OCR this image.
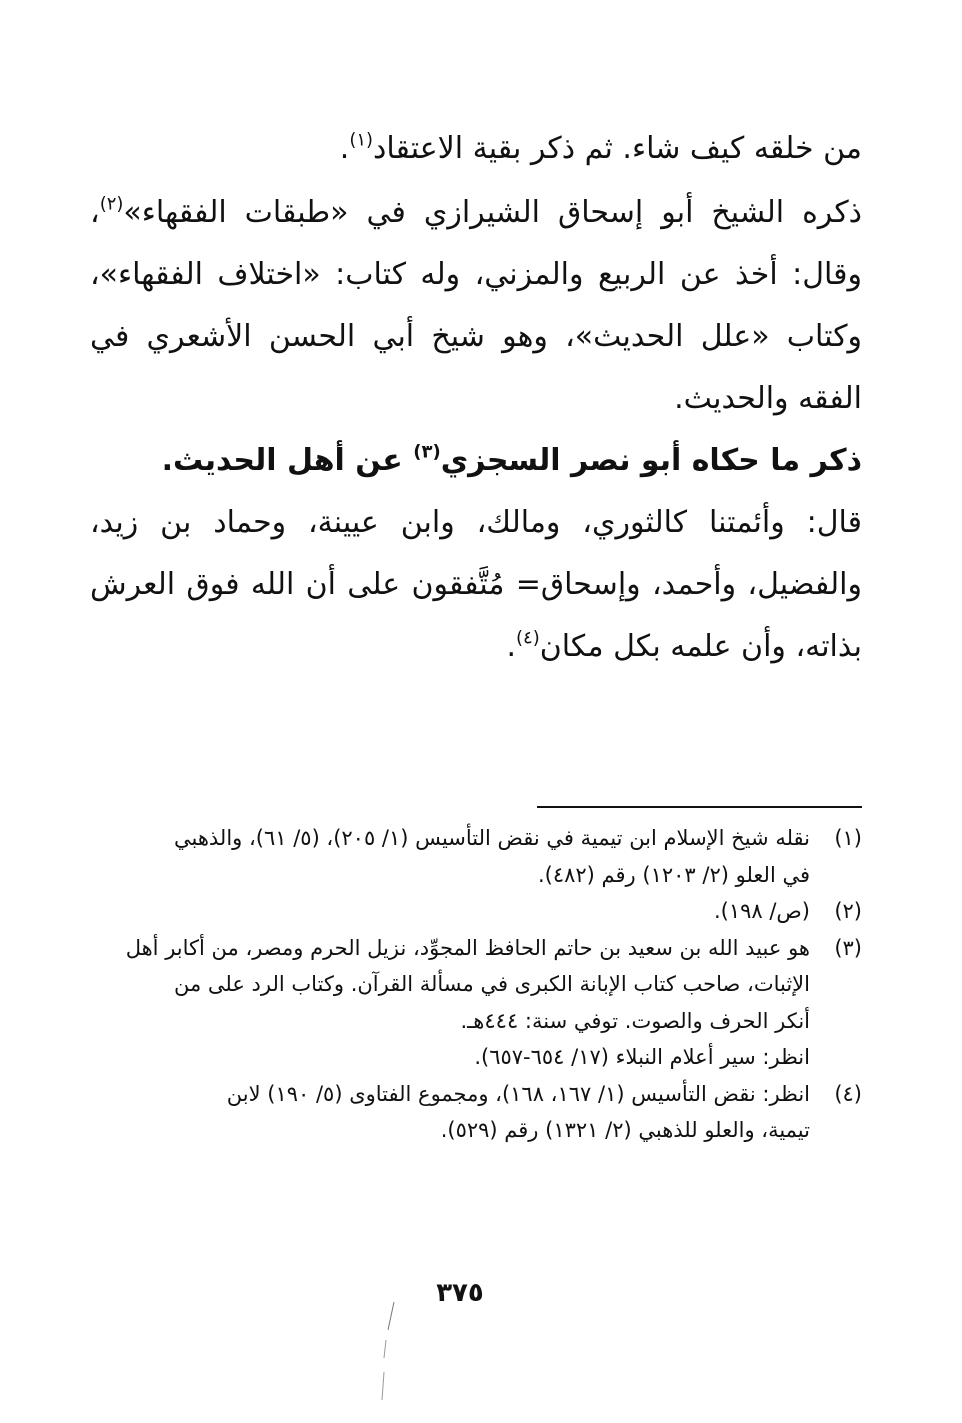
من خلقه كيف شاء. ثم ذكر بقية الاعتقاد$^{(١)}$.

ذكره الشيخ أبو إسحاق الشيرازي في «طبقات الفقهاء»$^{(٢)}$، وقال: أخذ عن الربيع والمزني، وله كتاب: «اختلاف الفقهاء»، وكتاب «علل الحديث»، وهو شيخ أبي الحسن الأشعري في الفقه والحديث.

ذكر ما حكاه أبو نصر السجزي$^{(٣)}$ عن أهل الحديث.

قال: وأئمتنا كالثوري، ومالك، وابن عيينة، وحماد بن زيد، والفضيل، وأحمد، وإسحاق= مُتَّفقون على أن الله فوق العرش بذاته، وأن علمه بكل مكان$^{(٤)}$.

(١)
نقله شيخ الإسلام ابن تيمية في نقض التأسيس (١/ ٢٠٥)، (٥/ ٦١)، والذهبي
في العلو (٢/ ١٢٠٣) رقم (٤٨٢).
(٢)
(ص/ ١٩٨).
(٣)
هو عبيد الله بن سعيد بن حاتم الحافظ المجوِّد، نزيل الحرم ومصر، من أكابر أهل
الإثبات، صاحب كتاب الإبانة الكبرى في مسألة القرآن. وكتاب الرد على من
أنكر الحرف والصوت. توفي سنة: ٤٤٤هـ.
انظر: سير أعلام النبلاء (١٧/ ٦٥٤-٦٥٧).
(٤)
انظر: نقض التأسيس (١/ ١٦٧، ١٦٨)، ومجموع الفتاوى (٥/ ١٩٠) لابن
تيمية، والعلو للذهبي (٢/ ١٣٢١) رقم (٥٢٩).
٣٧٥
